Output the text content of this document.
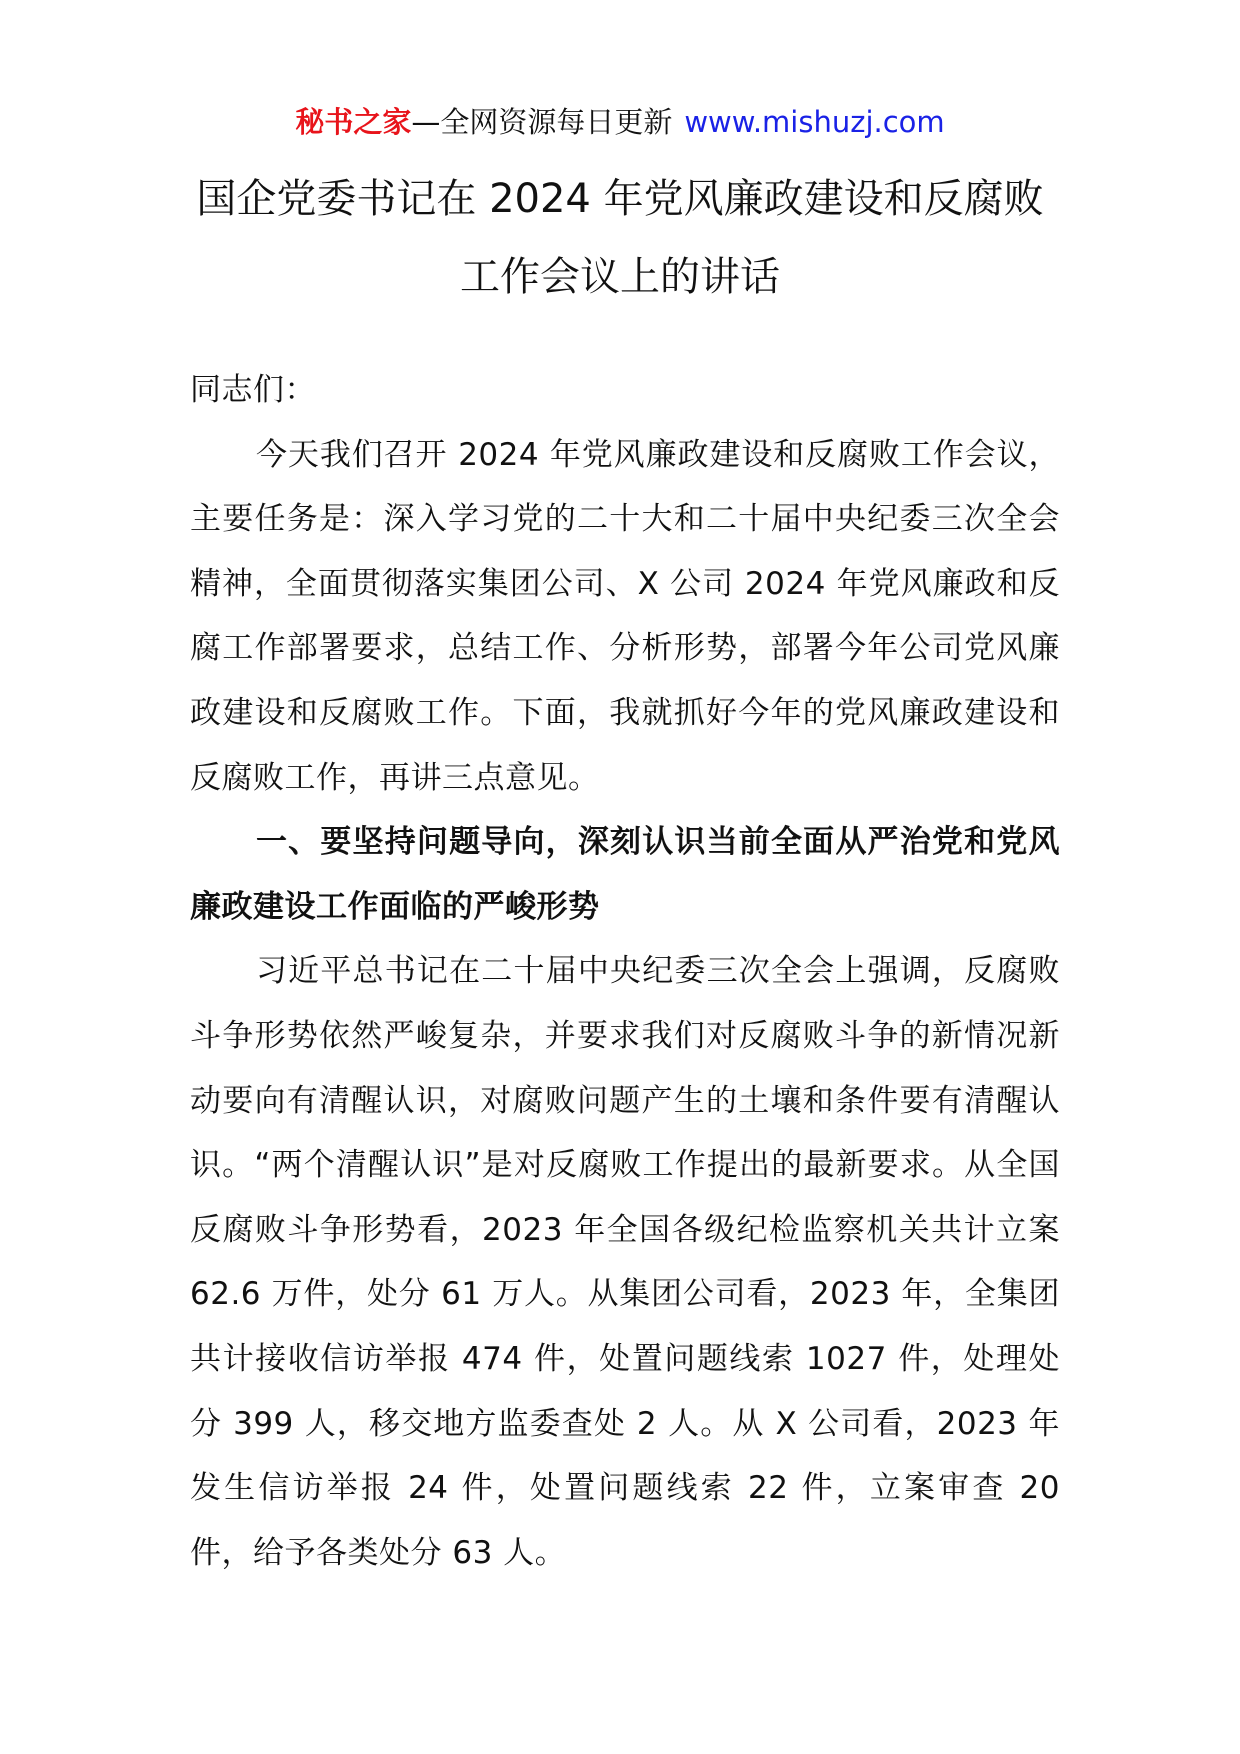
秘书之家—全网资源每日更新 www.mishuzj.com
国企党委书记在 2024 年党风廉政建设和反腐败
工作会议上的讲话

同志们：

今天我们召开 2024 年党风廉政建设和反腐败工作会议，主要任务是：深入学习党的二十大和二十届中央纪委三次全会精神，全面贯彻落实集团公司、X 公司 2024 年党风廉政和反腐工作部署要求，总结工作、分析形势，部署今年公司党风廉政建设和反腐败工作。下面，我就抓好今年的党风廉政建设和反腐败工作，再讲三点意见。

一、要坚持问题导向，深刻认识当前全面从严治党和党风廉政建设工作面临的严峻形势

习近平总书记在二十届中央纪委三次全会上强调，反腐败斗争形势依然严峻复杂，并要求我们对反腐败斗争的新情况新动要向有清醒认识，对腐败问题产生的土壤和条件要有清醒认识。“两个清醒认识”是对反腐败工作提出的最新要求。从全国反腐败斗争形势看，2023 年全国各级纪检监察机关共计立案 62.6 万件，处分 61 万人。从集团公司看，2023 年，全集团共计接收信访举报 474 件，处置问题线索 1027 件，处理处分 399 人，移交地方监委查处 2 人。从 X 公司看，2023 年发生信访举报 24 件，处置问题线索 22 件，立案审查 20 件，给予各类处分 63 人。
